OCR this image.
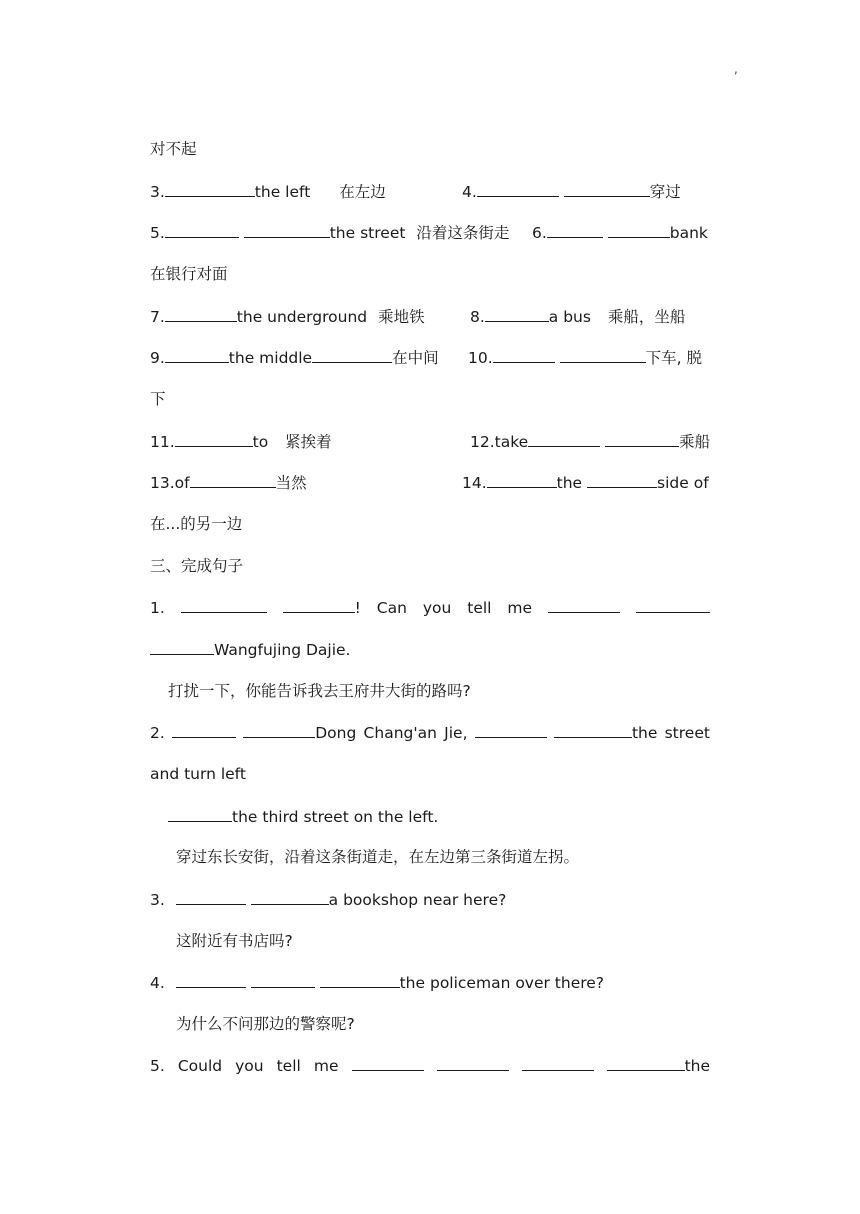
,
对不起
3.	the left 在左边	4.	穿过
5.	the street 沿着这条街走	6.	bank
在银行对面
7.	the underground 乘地铁	8.	a bus 乘船，坐船
9.	the middle	在中间	10.	下车, 脱
下
11.	to 紧挨着	12.take	乘船
13.of	当然	14.	the	side of
在...的另一边
三、完成句子
1.	! Can you tell me
Wangfujing Dajie.
打扰一下，你能告诉我去王府井大街的路吗?
2.	Dong Chang'an Jie,	the street
and turn left
the third street on the left.
穿过东长安街，沿着这条街道走，在左边第三条街道左拐。
3.	a bookshop near here?
这附近有书店吗?
4.	the policeman over there?
为什么不问那边的警察呢?
5. Could you tell me	the
